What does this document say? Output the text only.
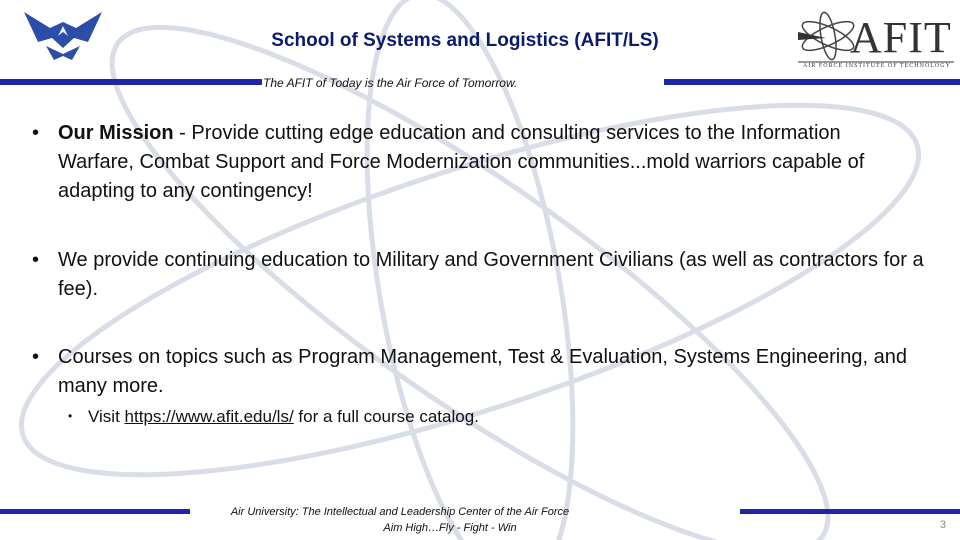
School of Systems and Logistics (AFIT/LS)	AFIT
AIR FORCE INSTITUTE OF TECHNOLOGY
The AFIT of Today is the Air Force of Tomorrow.
• Our Mission - Provide cutting edge education and consulting services to the Information Warfare, Combat Support and Force Modernization communities...mold warriors capable of adapting to any contingency!
• We provide continuing education to Military and Government Civilians (as well as contractors for a fee).
• Courses on topics such as Program Management, Test & Evaluation, Systems Engineering, and many more.
• Visit https://www.afit.edu/ls/ for a full course catalog.
Air University: The Intellectual and Leadership Center of the Air Force
Aim High…Fly - Fight - Win	3
